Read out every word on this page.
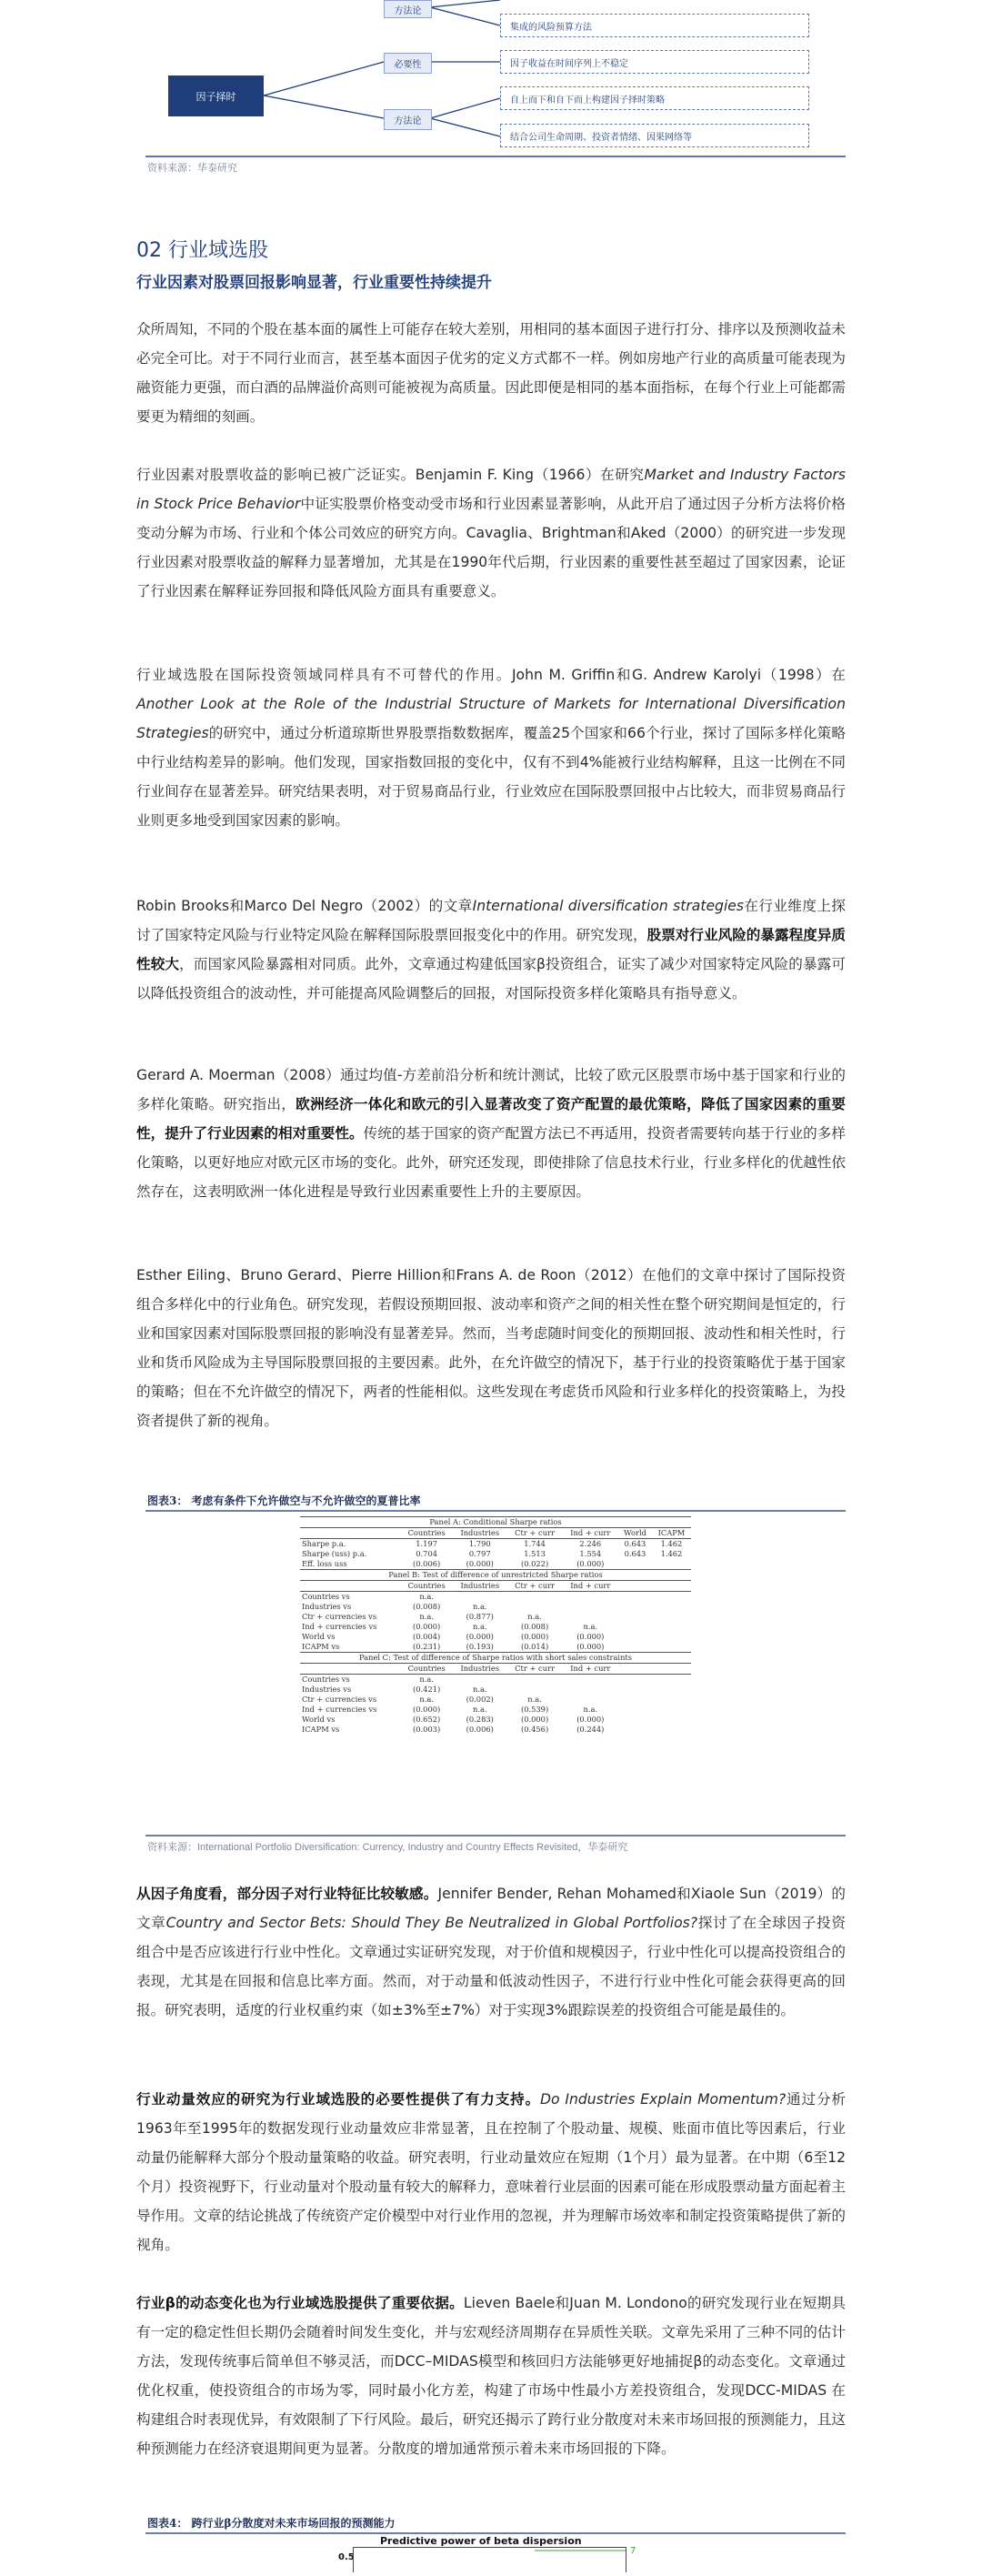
因子择时
方法论
集成的风险预算方法
必要性	因子收益在时间序列上不稳定
方法论
自上而下和自下而上构建因子择时策略
结合公司生命周期、投资者情绪、因果网络等
资料来源：华泰研究
02 行业域选股
行业因素对股票回报影响显著，行业重要性持续提升

众所周知，不同的个股在基本面的属性上可能存在较大差别，用相同的基本面因子进行打分、排序以及预测收益未必完全可比。对于不同行业而言，甚至基本面因子优劣的定义方式都不一样。例如房地产行业的高质量可能表现为融资能力更强，而白酒的品牌溢价高则可能被视为高质量。因此即便是相同的基本面指标，在每个行业上可能都需要更为精细的刻画。

行业因素对股票收益的影响已被广泛证实。Benjamin F. King（1966）在研究Market and Industry Factors in Stock Price Behavior中证实股票价格变动受市场和行业因素显著影响，从此开启了通过因子分析方法将价格变动分解为市场、行业和个体公司效应的研究方向。Cavaglia、Brightman和Aked（2000）的研究进一步发现行业因素对股票收益的解释力显著增加，尤其是在1990年代后期，行业因素的重要性甚至超过了国家因素，论证了行业因素在解释证券回报和降低风险方面具有重要意义。

行业域选股在国际投资领域同样具有不可替代的作用。John M. Griffin和G. Andrew Karolyi（1998）在Another Look at the Role of the Industrial Structure of Markets for International Diversification Strategies的研究中，通过分析道琼斯世界股票指数数据库，覆盖25个国家和66个行业，探讨了国际多样化策略中行业结构差异的影响。他们发现，国家指数回报的变化中，仅有不到4%能被行业结构解释，且这一比例在不同行业间存在显著差异。研究结果表明，对于贸易商品行业，行业效应在国际股票回报中占比较大，而非贸易商品行业则更多地受到国家因素的影响。

Robin Brooks和Marco Del Negro（2002）的文章International diversification strategies在行业维度上探讨了国家特定风险与行业特定风险在解释国际股票回报变化中的作用。研究发现，股票对行业风险的暴露程度异质性较大，而国家风险暴露相对同质。此外，文章通过构建低国家β投资组合，证实了减少对国家特定风险的暴露可以降低投资组合的波动性，并可能提高风险调整后的回报，对国际投资多样化策略具有指导意义。

Gerard A. Moerman（2008）通过均值-方差前沿分析和统计测试，比较了欧元区股票市场中基于国家和行业的多样化策略。研究指出，欧洲经济一体化和欧元的引入显著改变了资产配置的最优策略，降低了国家因素的重要性，提升了行业因素的相对重要性。传统的基于国家的资产配置方法已不再适用，投资者需要转向基于行业的多样化策略，以更好地应对欧元区市场的变化。此外，研究还发现，即使排除了信息技术行业，行业多样化的优越性依然存在，这表明欧洲一体化进程是导致行业因素重要性上升的主要原因。

Esther Eiling、Bruno Gerard、Pierre Hillion和Frans A. de Roon（2012）在他们的文章中探讨了国际投资组合多样化中的行业角色。研究发现，若假设预期回报、波动率和资产之间的相关性在整个研究期间是恒定的，行业和国家因素对国际股票回报的影响没有显著差异。然而，当考虑随时间变化的预期回报、波动性和相关性时，行业和货币风险成为主导国际股票回报的主要因素。此外，在允许做空的情况下，基于行业的投资策略优于基于国家的策略；但在不允许做空的情况下，两者的性能相似。这些发现在考虑货币风险和行业多样化的投资策略上，为投资者提供了新的视角。

图表3： 考虑有条件下允许做空与不允许做空的夏普比率
Panel A: Conditional Sharpe ratios						
	Countries	Industries	Ctr + curr	Ind + curr	World	ICAPM
Sharpe p.a.	1.197	1.790	1.744	2.246	0.643	1.462
Sharpe (uss) p.a.	0.704	0.797	1.513	1.554	0.643	1.462
Eff. loss uss	(0.006)	(0.000)	(0.022)	(0.000)		
Panel B: Test of difference of unrestricted Sharpe ratios						
	Countries	Industries	Ctr + curr	Ind + curr		
Countries vs	n.a.					
Industries vs	(0.008)	n.a.				
Ctr + currencies vs	n.a.	(0.877)	n.a.			
Ind + currencies vs	(0.000)	n.a.	(0.008)	n.a.		
World vs	(0.004)	(0.000)	(0.000)	(0.000)		
ICAPM vs	(0.231)	(0.193)	(0.014)	(0.000)		
Panel C: Test of difference of Sharpe ratios with short sales constraints						
	Countries	Industries	Ctr + curr	Ind + curr		
Countries vs	n.a.					
Industries vs	(0.421)	n.a.				
Ctr + currencies vs	n.a.	(0.002)	n.a.			
Ind + currencies vs	(0.000)	n.a.	(0.539)	n.a.		
World vs	(0.652)	(0.283)	(0.000)	(0.000)		
ICAPM vs	(0.003)	(0.006)	(0.456)	(0.244)		
资料来源：International Portfolio Diversification: Currency, Industry and Country Effects Revisited，华泰研究

从因子角度看，部分因子对行业特征比较敏感。Jennifer Bender, Rehan Mohamed和Xiaole Sun（2019）的文章Country and Sector Bets: Should They Be Neutralized in Global Portfolios?探讨了在全球因子投资组合中是否应该进行行业中性化。文章通过实证研究发现，对于价值和规模因子，行业中性化可以提高投资组合的表现，尤其是在回报和信息比率方面。然而，对于动量和低波动性因子，不进行行业中性化可能会获得更高的回报。研究表明，适度的行业权重约束（如±3%至±7%）对于实现3%跟踪误差的投资组合可能是最佳的。

行业动量效应的研究为行业域选股的必要性提供了有力支持。Do Industries Explain Momentum?通过分析1963年至1995年的数据发现行业动量效应非常显著，且在控制了个股动量、规模、账面市值比等因素后，行业动量仍能解释大部分个股动量策略的收益。研究表明，行业动量效应在短期（1个月）最为显著。在中期（6至12个月）投资视野下，行业动量对个股动量有较大的解释力，意味着行业层面的因素可能在形成股票动量方面起着主导作用。文章的结论挑战了传统资产定价模型中对行业作用的忽视，并为理解市场效率和制定投资策略提供了新的视角。

行业β的动态变化也为行业域选股提供了重要依据。Lieven Baele和Juan M. Londono的研究发现行业在短期具有一定的稳定性但长期仍会随着时间发生变化，并与宏观经济周期存在异质性关联。文章先采用了三种不同的估计方法，发现传统事后简单但不够灵活，而DCC–MIDAS模型和核回归方法能够更好地捕捉β的动态变化。文章通过优化权重，使投资组合的市场为零，同时最小化方差，构建了市场中性最小方差投资组合，发现DCC-MIDAS 在构建组合时表现优异，有效限制了下行风险。最后，研究还揭示了跨行业分散度对未来市场回报的预测能力，且这种预测能力在经济衰退期间更为显著。分散度的增加通常预示着未来市场回报的下降。

图表4： 跨行业β分散度对未来市场回报的预测能力
Predictive power of beta dispersion
0.5
7
